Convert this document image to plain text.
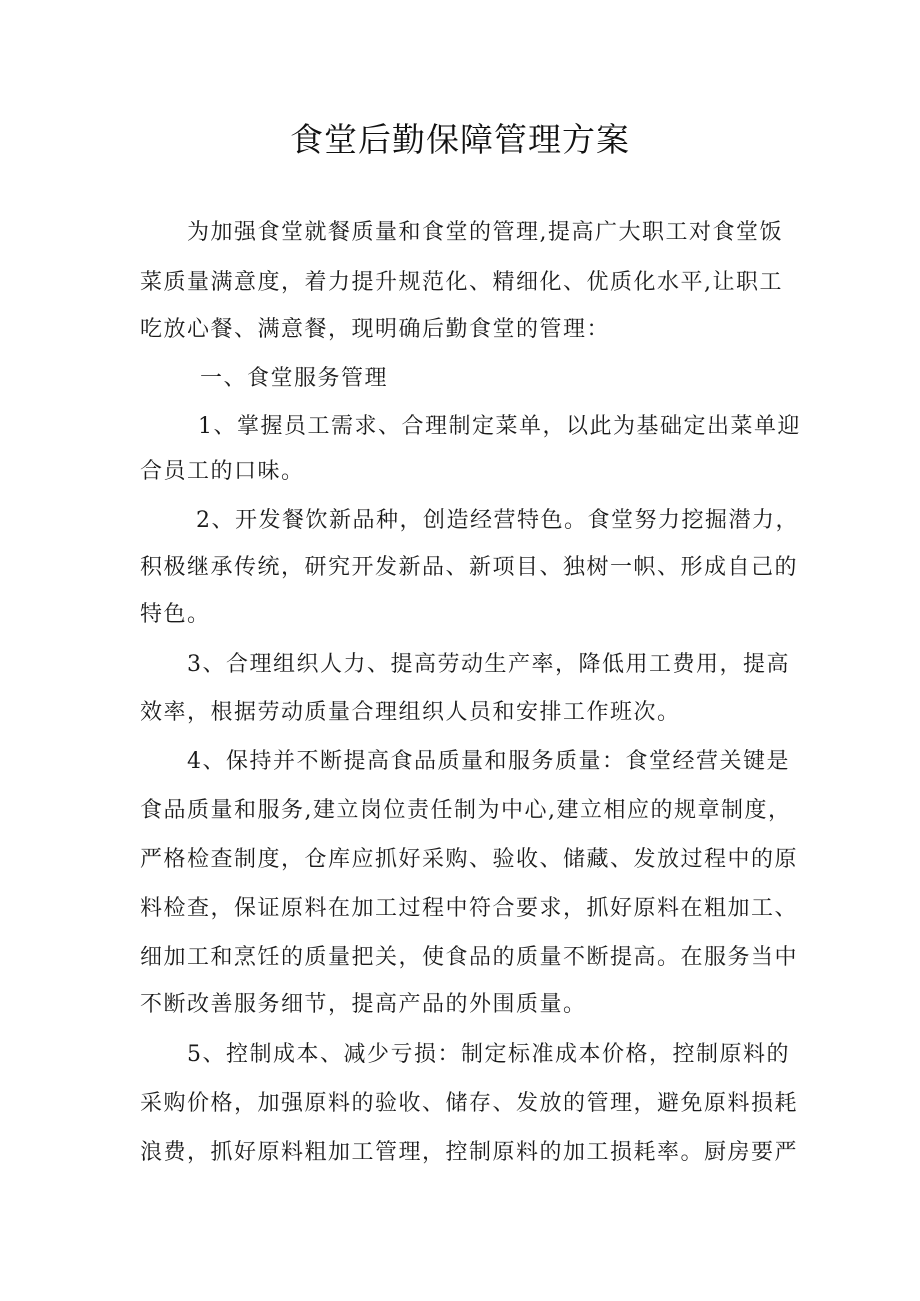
食堂后勤保障管理方案
为加强食堂就餐质量和食堂的管理,提高广大职工对食堂饭
菜质量满意度，着力提升规范化、精细化、优质化水平,让职工
吃放心餐、满意餐，现明确后勤食堂的管理：
一、食堂服务管理
1、掌握员工需求、合理制定菜单，以此为基础定出菜单迎
合员工的口味。
2、开发餐饮新品种，创造经营特色。食堂努力挖掘潜力，
积极继承传统，研究开发新品、新项目、独树一帜、形成自己的
特色。
3、合理组织人力、提高劳动生产率，降低用工费用，提高
效率，根据劳动质量合理组织人员和安排工作班次。
4、保持并不断提高食品质量和服务质量：食堂经营关键是
食品质量和服务,建立岗位责任制为中心,建立相应的规章制度，
严格检查制度，仓库应抓好采购、验收、储藏、发放过程中的原
料检查，保证原料在加工过程中符合要求，抓好原料在粗加工、
细加工和烹饪的质量把关，使食品的质量不断提高。在服务当中
不断改善服务细节，提高产品的外围质量。
5、控制成本、减少亏损：制定标准成本价格，控制原料的
采购价格，加强原料的验收、储存、发放的管理，避免原料损耗
浪费，抓好原料粗加工管理，控制原料的加工损耗率。厨房要严
